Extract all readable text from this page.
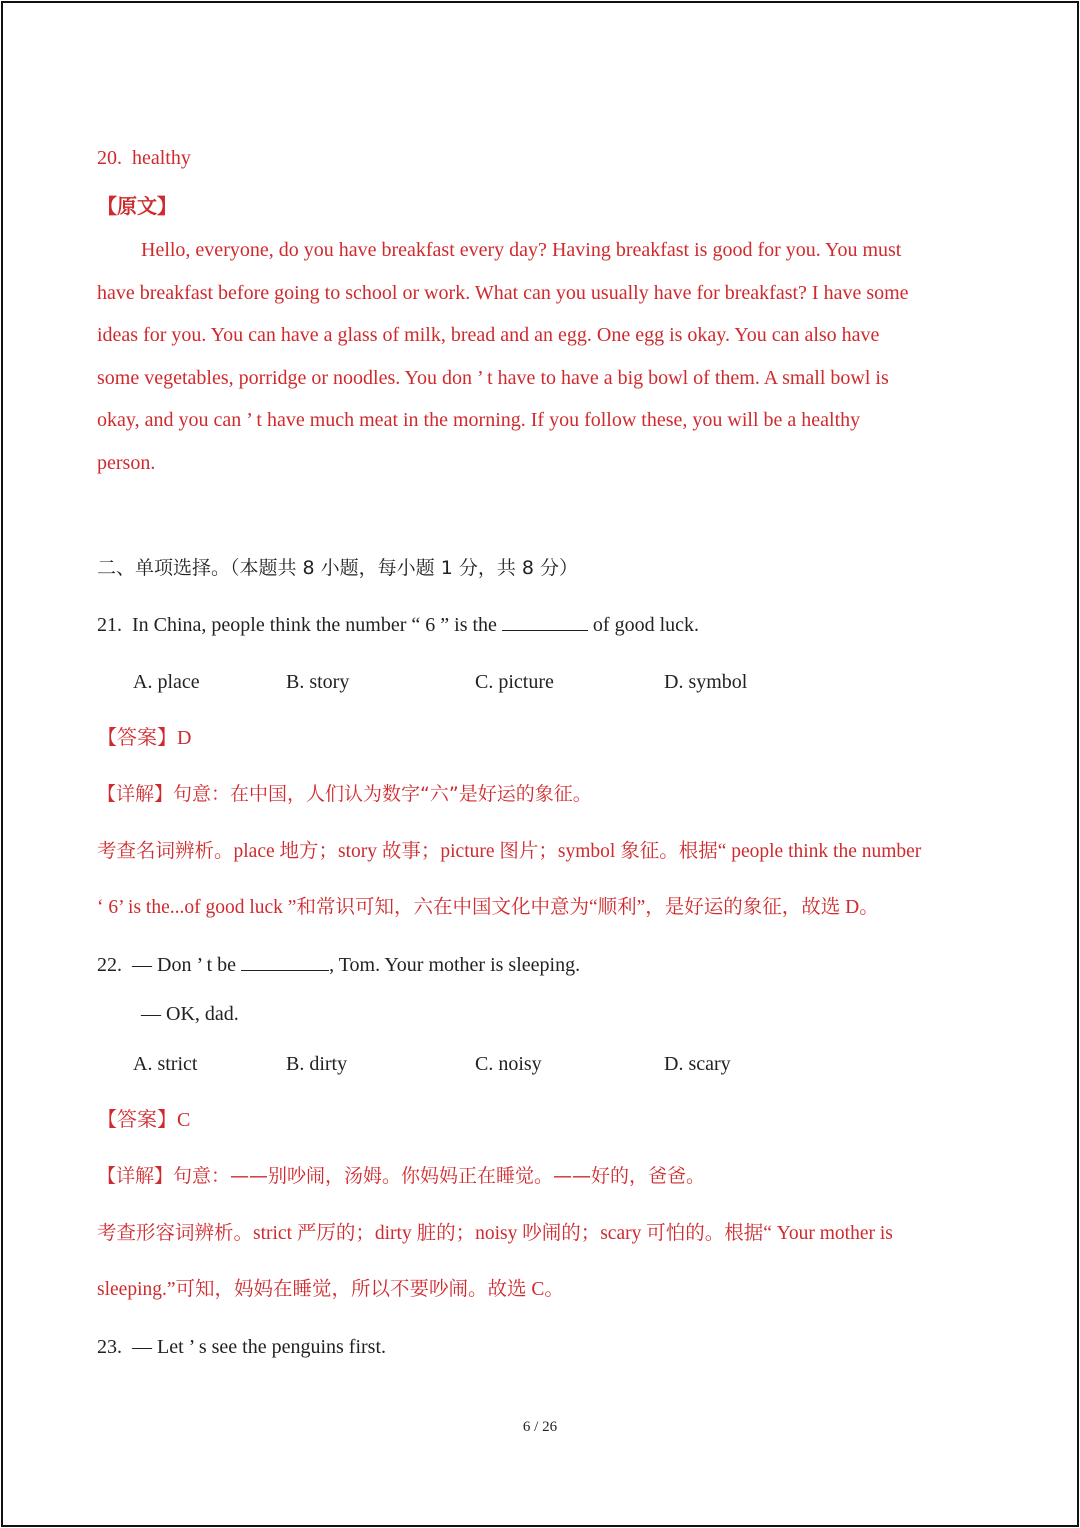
20. healthy
【原文】
Hello, everyone, do you have breakfast every day? Having breakfast is good for you. You must
have breakfast before going to school or work. What can you usually have for breakfast? I have some
ideas for you. You can have a glass of milk, bread and an egg. One egg is okay. You can also have
some vegetables, porridge or noodles. You don ’ t have to have a big bowl of them. A small bowl is
okay, and you can ’ t have much meat in the morning. If you follow these, you will be a healthy
person.
二、单项选择。（本题共 8 小题，每小题 1 分，共 8 分）
21. In China, people think the number “ 6 ” is the	of good luck.
A. place	B. story	C. picture	D. symbol
【答案】D
【详解】句意：在中国，人们认为数字“六”是好运的象征。
考查名词辨析。place 地方；story 故事；picture 图片；symbol 象征。根据“ people think the number
‘ 6’ is the...of good luck ”和常识可知，六在中国文化中意为“顺利”，是好运的象征，故选 D。
22. — Don ’ t be	, Tom. Your mother is sleeping.
— OK, dad.
A. strict	B. dirty	C. noisy	D. scary
【答案】C
【详解】句意：——别吵闹，汤姆。你妈妈正在睡觉。——好的，爸爸。
考查形容词辨析。strict 严厉的；dirty 脏的；noisy 吵闹的；scary 可怕的。根据“ Your mother is
sleeping.”可知，妈妈在睡觉，所以不要吵闹。故选 C。
23. — Let ’ s see the penguins first.
6 / 26
